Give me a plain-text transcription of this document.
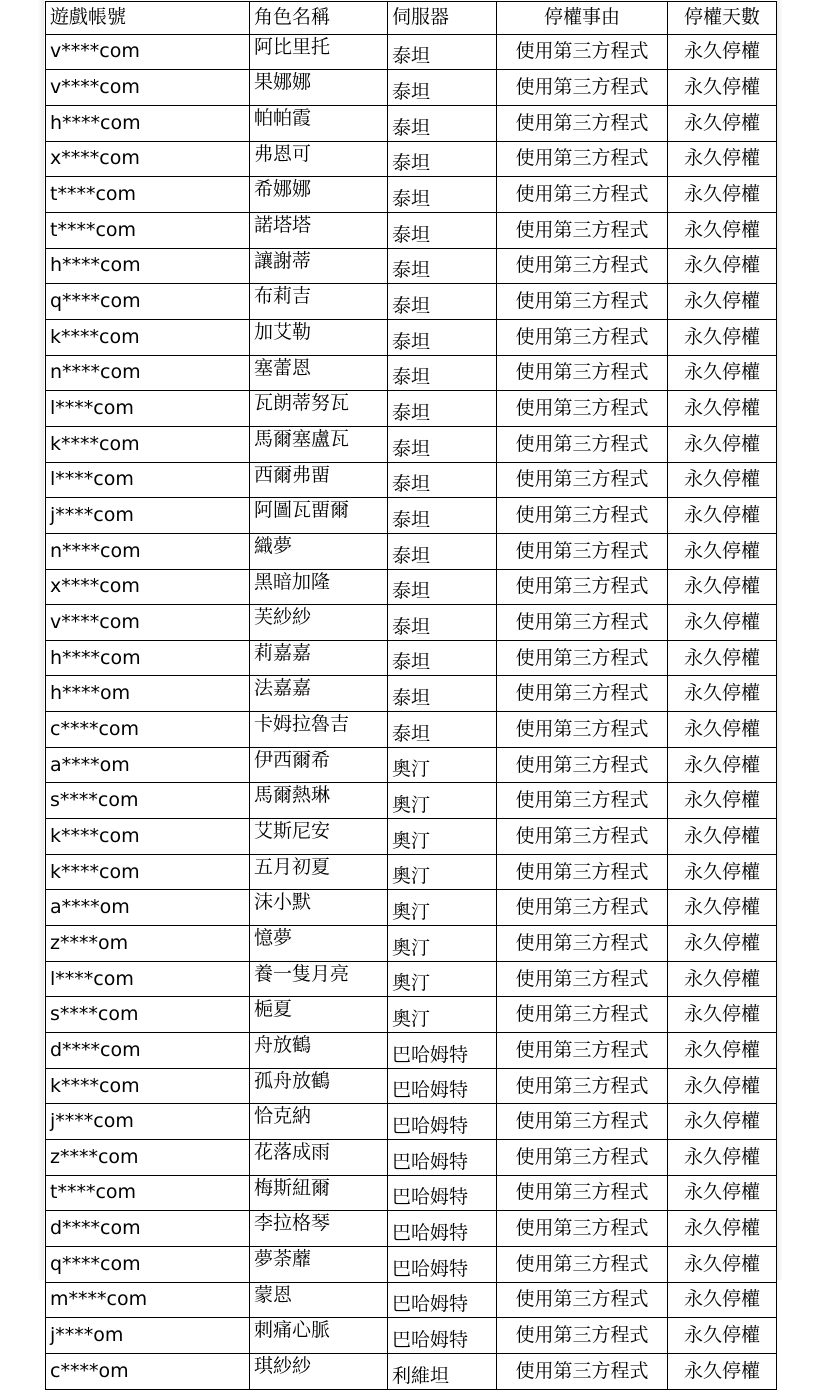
遊戲帳號	角色名稱	伺服器	停權事由	停權天數
v****com	阿比里托	泰坦	使用第三方程式	永久停權
v****com	果娜娜	泰坦	使用第三方程式	永久停權
h****com	帕帕霞	泰坦	使用第三方程式	永久停權
x****com	弗恩可	泰坦	使用第三方程式	永久停權
t****com	希娜娜	泰坦	使用第三方程式	永久停權
t****com	諾塔塔	泰坦	使用第三方程式	永久停權
h****com	讓謝蒂	泰坦	使用第三方程式	永久停權
q****com	布莉吉	泰坦	使用第三方程式	永久停權
k****com	加艾勒	泰坦	使用第三方程式	永久停權
n****com	塞蕾恩	泰坦	使用第三方程式	永久停權
l****com	瓦朗蒂努瓦	泰坦	使用第三方程式	永久停權
k****com	馬爾塞盧瓦	泰坦	使用第三方程式	永久停權
l****com	西爾弗畱	泰坦	使用第三方程式	永久停權
j****com	阿圖瓦畱爾	泰坦	使用第三方程式	永久停權
n****com	織夢	泰坦	使用第三方程式	永久停權
x****com	黑暗加隆	泰坦	使用第三方程式	永久停權
v****com	芙紗紗	泰坦	使用第三方程式	永久停權
h****com	莉嘉嘉	泰坦	使用第三方程式	永久停權
h****om	法嘉嘉	泰坦	使用第三方程式	永久停權
c****com	卡姆拉魯吉	泰坦	使用第三方程式	永久停權
a****om	伊西爾希	奧汀	使用第三方程式	永久停權
s****com	馬爾熱琳	奧汀	使用第三方程式	永久停權
k****com	艾斯尼安	奧汀	使用第三方程式	永久停權
k****com	五月初夏	奧汀	使用第三方程式	永久停權
a****om	沫小默	奧汀	使用第三方程式	永久停權
z****om	憶夢	奧汀	使用第三方程式	永久停權
l****com	養一隻月亮	奧汀	使用第三方程式	永久停權
s****com	梔夏	奧汀	使用第三方程式	永久停權
d****com	舟放鶴	巴哈姆特	使用第三方程式	永久停權
k****com	孤舟放鶴	巴哈姆特	使用第三方程式	永久停權
j****com	恰克納	巴哈姆特	使用第三方程式	永久停權
z****com	花落成雨	巴哈姆特	使用第三方程式	永久停權
t****com	梅斯紐爾	巴哈姆特	使用第三方程式	永久停權
d****com	李拉格琴	巴哈姆特	使用第三方程式	永久停權
q****com	夢荼蘼	巴哈姆特	使用第三方程式	永久停權
m****com	蒙恩	巴哈姆特	使用第三方程式	永久停權
j****om	刺痛心脈	巴哈姆特	使用第三方程式	永久停權
c****om	琪紗紗	利維坦	使用第三方程式	永久停權
